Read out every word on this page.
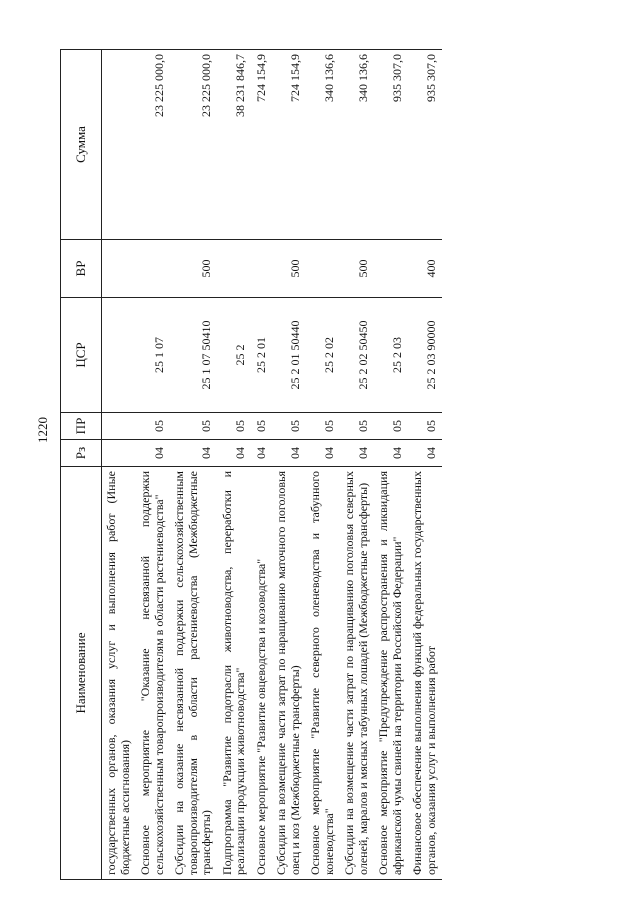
1220
Наименование	Рз	ПР	ЦСР	ВР	Сумма
государственных органов, оказания услуг и выполнения работ (Иные бюджетные ассигнования)					
Основное мероприятие "Оказание несвязанной поддержки сельскохозяйственным товаропроизводителям в области растениеводства"	04	05	25 1 07		23 225 000,0
Субсидии на оказание несвязанной поддержки сельскохозяйственным товаропроизводителям в области растениеводства (Межбюджетные трансферты)	04	05	25 1 07 50410	500	23 225 000,0
Подпрограмма "Развитие подотрасли животноводства, переработки и реализации продукции животноводства"	04	05	25 2		38 231 846,7
Основное мероприятие "Развитие овцеводства и козоводства"	04	05	25 2 01		724 154,9
Субсидии на возмещение части затрат по наращиванию маточного поголовья овец и коз (Межбюджетные трансферты)	04	05	25 2 01 50440	500	724 154,9
Основное мероприятие "Развитие северного оленеводства и табунного коневодства"	04	05	25 2 02		340 136,6
Субсидии на возмещение части затрат по наращиванию поголовья северных оленей, маралов и мясных табунных лошадей (Межбюджетные трансферты)	04	05	25 2 02 50450	500	340 136,6
Основное мероприятие "Предупреждение распространения и ликвидация африканской чумы свиней на территории Российской Федерации"	04	05	25 2 03		935 307,0
Финансовое обеспечение выполнения функций федеральных государственных органов, оказания услуг и выполнения работ	04	05	25 2 03 90000	400	935 307,0
